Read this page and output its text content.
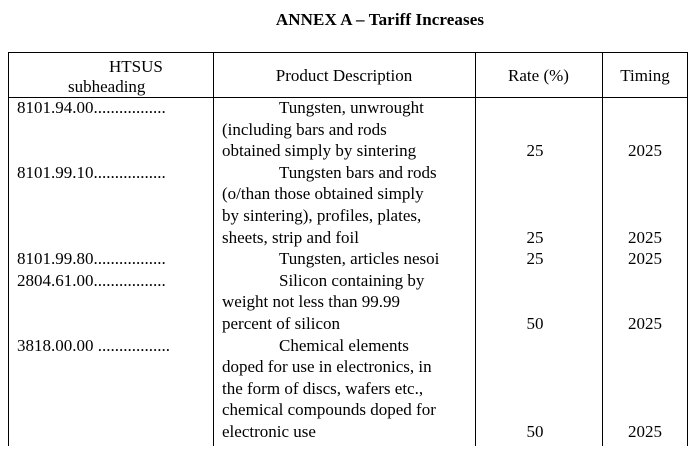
ANNEX A – Tariff Increases
HTSUS
subheading
Product Description	Rate (%)	Timing
8101.94.00.................	Tungsten, unwrought
(including bars and rods
obtained simply by sintering	25	2025
8101.99.10.................	Tungsten bars and rods
(o/than those obtained simply
by sintering), profiles, plates,
sheets, strip and foil	25	2025
8101.99.80.................	Tungsten, articles nesoi	25	2025
2804.61.00.................	Silicon containing by
weight not less than 99.99
percent of silicon	50	2025
3818.00.00 .................	Chemical elements
doped for use in electronics, in
the form of discs, wafers etc.,
chemical compounds doped for
electronic use	50	2025
